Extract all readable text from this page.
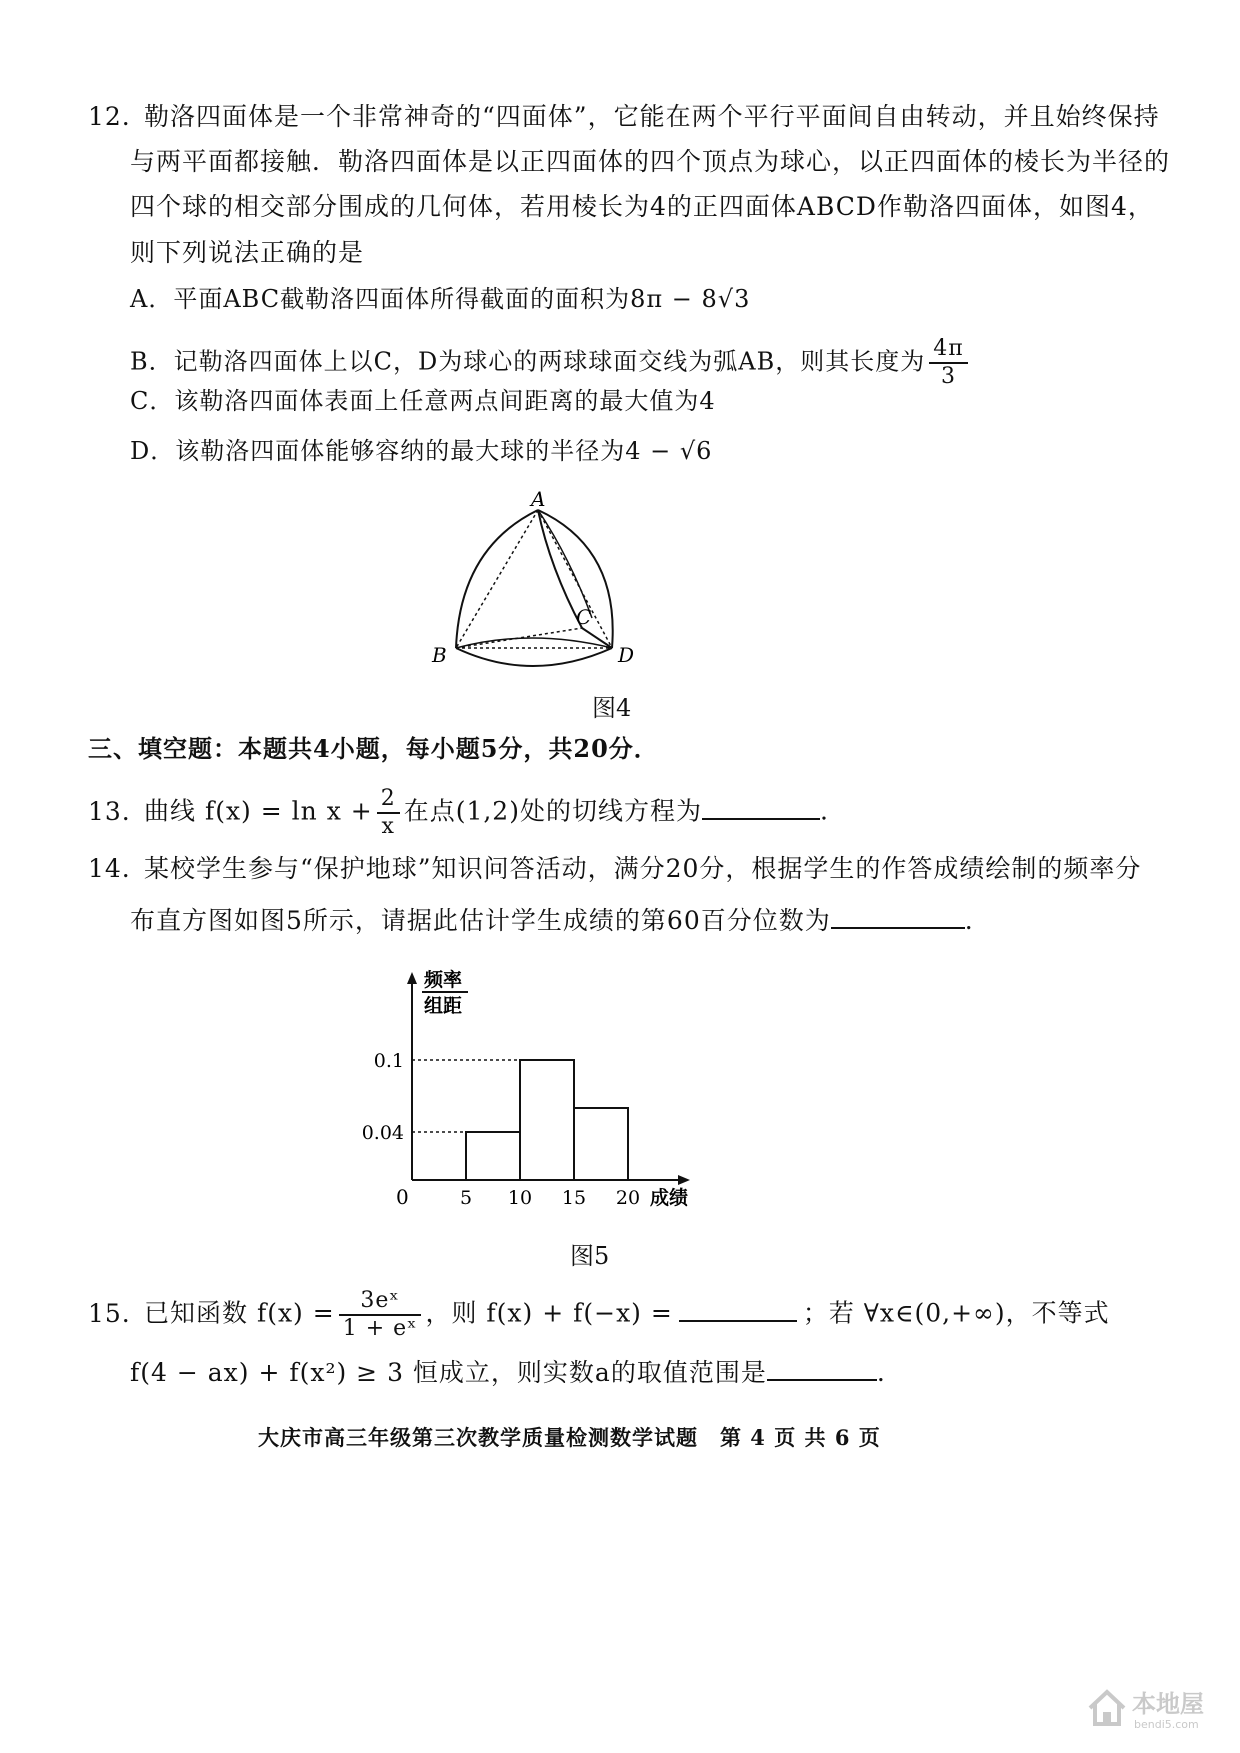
12. 勒洛四面体是一个非常神奇的“四面体”，它能在两个平行平面间自由转动，并且始终保持
与两平面都接触．勒洛四面体是以正四面体的四个顶点为球心，以正四面体的棱长为半径的
四个球的相交部分围成的几何体，若用棱长为4的正四面体ABCD作勒洛四面体，如图4，
则下列说法正确的是
A．平面ABC截勒洛四面体所得截面的面积为8π − 8√3
B．记勒洛四面体上以C，D为球心的两球球面交线为弧AB，则其长度为 $\frac{4\pi}{3}$
C．该勒洛四面体表面上任意两点间距离的最大值为4
D．该勒洛四面体能够容纳的最大球的半径为4 − √6
A
B
C
D
图4
三、填空题：本题共4小题，每小题5分，共20分．
13. 曲线 $f(x) = \ln x + \frac{2}{x}$ 在点(1,2)处的切线方程为	.
14. 某校学生参与“保护地球”知识问答活动，满分20分，根据学生的作答成绩绘制的频率分
布直方图如图5所示，请据此估计学生成绩的第60百分位数为	.
频率
组距
成绩
0
0.04
0.1
5 10 15 20
图5
15. 已知函数 $f(x) = \frac{\text{3eˣ}}{\text{1 + eˣ}}$ ，则 f(x) + f(−x) =	；若 ∀x∈(0,+∞)，不等式
f(4 − ax) + f(x²) ≥ 3 恒成立，则实数a的取值范围是	.
大庆市高三年级第三次教学质量检测数学试题　第 4 页 共 6 页
本地屋
bendi5.com
